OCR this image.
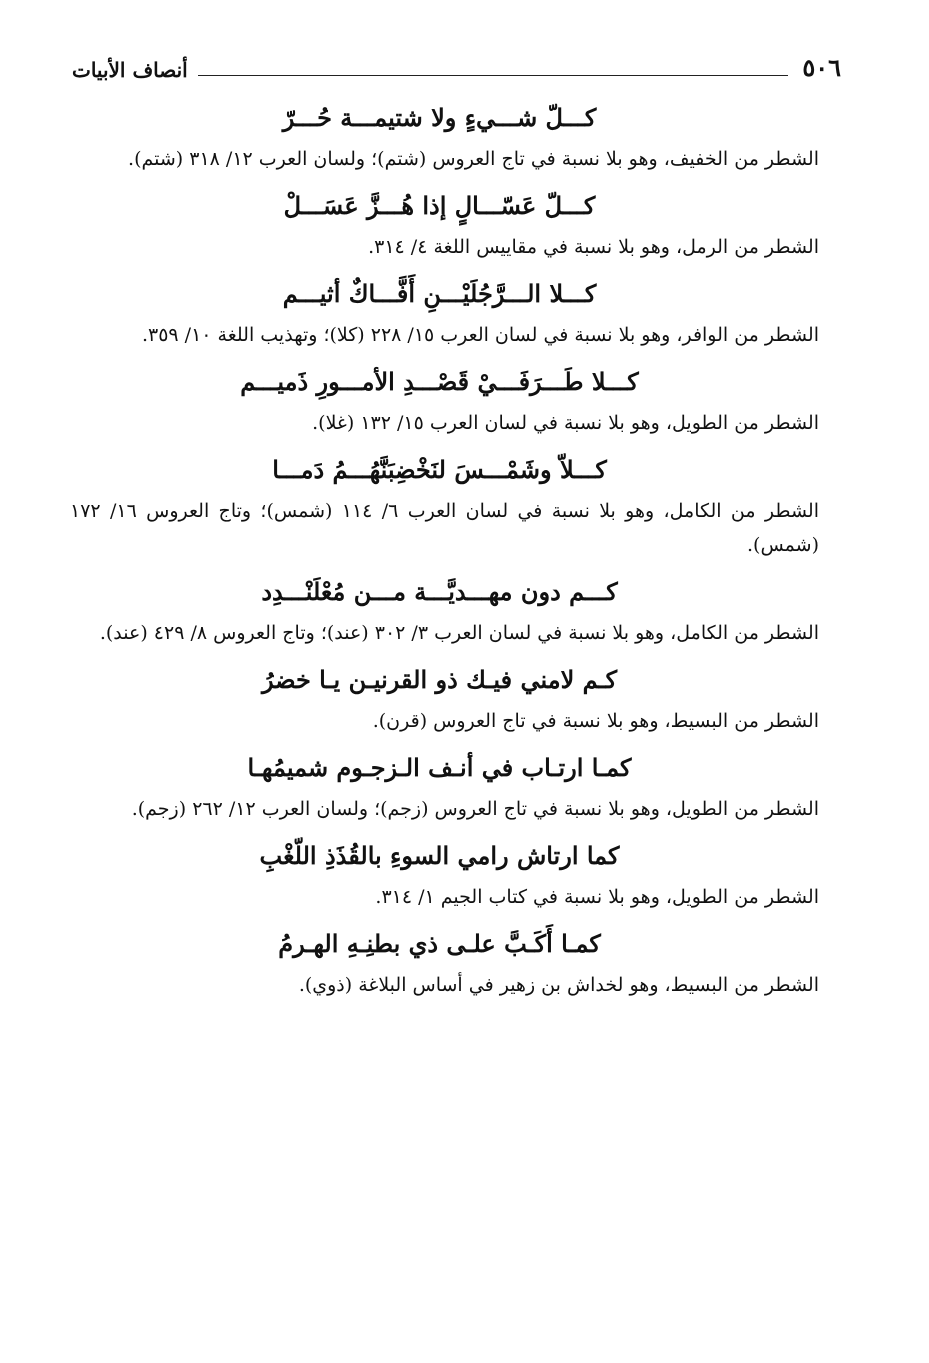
٥٠٦
أنصاف الأبيات

كـــلّ شـــيءٍ ولا شتيمـــة حُـــرّ

الشطر من الخفيف، وهو بلا نسبة في تاج العروس (شتم)؛ ولسان العرب ١٢/ ٣١٨ (شتم).

كـــلّ عَسّـــالٍ إذا هُـــزَّ عَسَـــلْ

الشطر من الرمل، وهو بلا نسبة في مقاييس اللغة ٤/ ٣١٤.

كـــلا الـــرَّجُلَيْـــنِ أَفَّـــاكٌ أثيـــم

الشطر من الوافر، وهو بلا نسبة في لسان العرب ١٥/ ٢٢٨ (كلا)؛ وتهذيب اللغة ١٠/ ٣٥٩.

كـــلا طَـــرَفَـــيْ قَصْـــدِ الأمـــورِ ذَميـــم

الشطر من الطويل، وهو بلا نسبة في لسان العرب ١٥/ ١٣٢ (غلا).

كـــلاّ وشَمْـــسَ لنَخْضِبَنَّهُـــمُ دَمـــا

الشطر من الكامل، وهو بلا نسبة في لسان العرب ٦/ ١١٤ (شمس)؛ وتاج العروس ١٦/ ١٧٢ (شمس).

كـــم دون مهـــديَّـــة مـــن مُعْلَنْـــدِد

الشطر من الكامل، وهو بلا نسبة في لسان العرب ٣/ ٣٠٢ (عند)؛ وتاج العروس ٨/ ٤٢٩ (عند).

كـم لامني فيـك ذو القرنيـن يـا خضرُ

الشطر من البسيط، وهو بلا نسبة في تاج العروس (قرن).

كمـا ارتـاب في أنـف الـزجـوم شميمُهـا

الشطر من الطويل، وهو بلا نسبة في تاج العروس (زجم)؛ ولسان العرب ١٢/ ٢٦٢ (زجم).

كما ارتاش رامي السوءِ بالقُذَذِ اللّغْبِ

الشطر من الطويل، وهو بلا نسبة في كتاب الجيم ١/ ٣١٤.

كمـا أَكَـبَّ علـى ذي بطنِـهِ الهـرمُ

الشطر من البسيط، وهو لخداش بن زهير في أساس البلاغة (ذوي).
